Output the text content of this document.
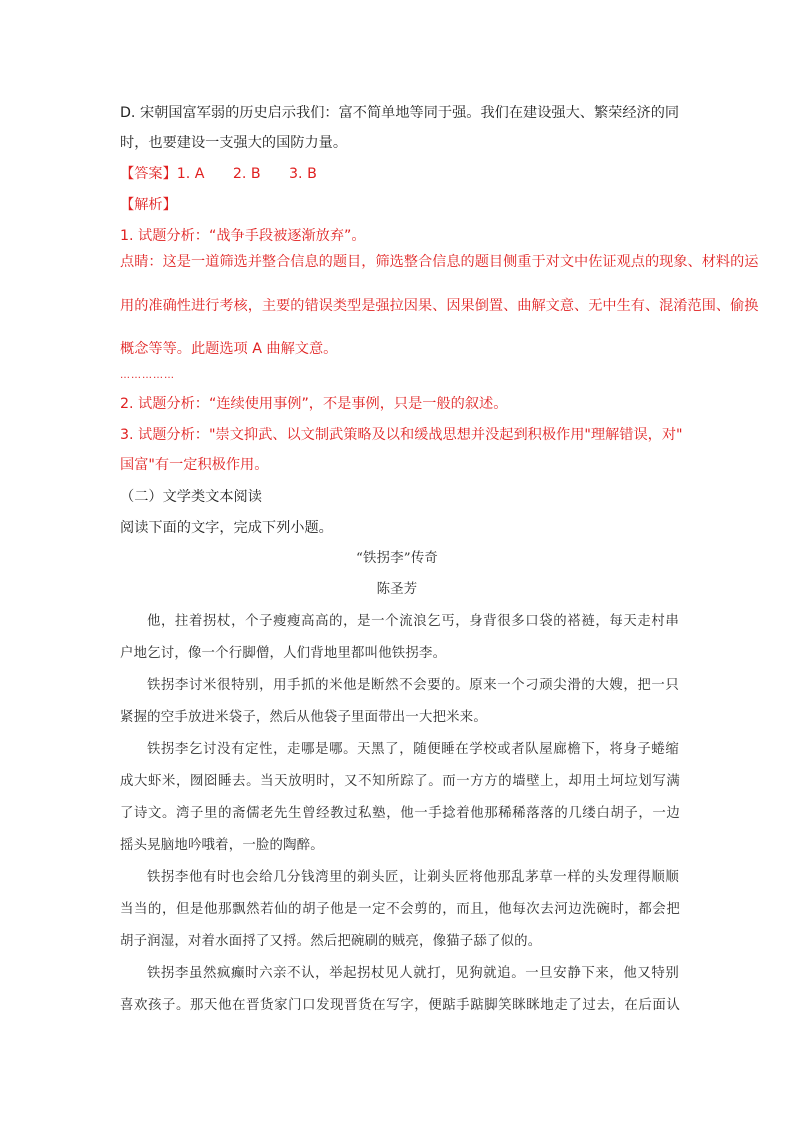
D. 宋朝国富军弱的历史启示我们：富不简单地等同于强。我们在建设强大、繁荣经济的同
时，也要建设一支强大的国防力量。
【答案】1. A　　2. B　　3. B
【解析】
1. 试题分析：“战争手段被逐渐放弃”。
点睛：这是一道筛选并整合信息的题目，筛选整合信息的题目侧重于对文中佐证观点的现象、材料的运
用的准确性进行考核，主要的错误类型是强拉因果、因果倒置、曲解文意、无中生有、混淆范围、偷换
概念等等。此题选项 A 曲解文意。
……………
2. 试题分析：“连续使用事例”，不是事例，只是一般的叙述。
3. 试题分析："崇文抑武、以文制武策略及以和缓战思想并没起到积极作用"理解错误，对"
国富"有一定积极作用。
（二）文学类文本阅读
阅读下面的文字，完成下列小题。
“铁拐李”传奇
陈圣芳
他，拄着拐杖，个子瘦瘦高高的，是一个流浪乞丐，身背很多口袋的褡裢，每天走村串
户地乞讨，像一个行脚僧，人们背地里都叫他铁拐李。
铁拐李讨米很特别，用手抓的米他是断然不会要的。原来一个刁顽尖滑的大嫂，把一只
紧握的空手放进米袋子，然后从他袋子里面带出一大把米来。
铁拐李乞讨没有定性，走哪是哪。天黑了，随便睡在学校或者队屋廊檐下，将身子蜷缩
成大虾米，囫囵睡去。当天放明时，又不知所踪了。而一方方的墙壁上，却用土坷垃划写满
了诗文。湾子里的斋儒老先生曾经教过私塾，他一手捻着他那稀稀落落的几缕白胡子，一边
摇头晃脑地吟哦着，一脸的陶醉。
铁拐李他有时也会给几分钱湾里的剃头匠，让剃头匠将他那乱茅草一样的头发理得顺顺
当当的，但是他那飘然若仙的胡子他是一定不会剪的，而且，他每次去河边洗碗时，都会把
胡子润湿，对着水面捋了又捋。然后把碗刷的贼亮，像猫子舔了似的。
铁拐李虽然疯癫时六亲不认，举起拐杖见人就打，见狗就追。一旦安静下来，他又特别
喜欢孩子。那天他在晋货家门口发现晋货在写字，便踮手踮脚笑眯眯地走了过去，在后面认
